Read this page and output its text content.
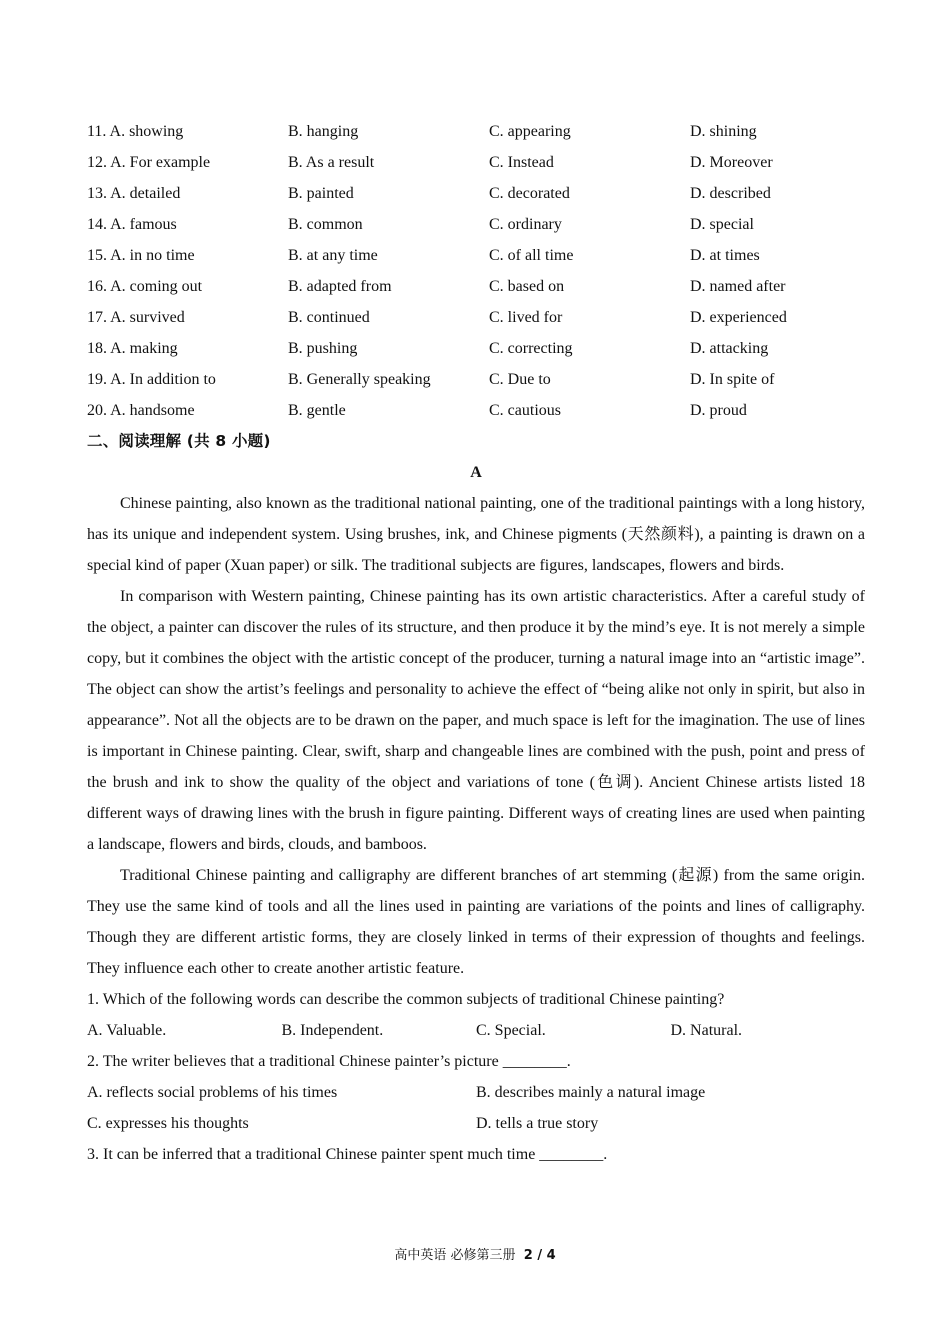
11. A. showing	B. hanging	C. appearing	D. shining
12. A. For example	B. As a result	C. Instead	D. Moreover
13. A. detailed	B. painted	C. decorated	D. described
14. A. famous	B. common	C. ordinary	D. special
15. A. in no time	B. at any time	C. of all time	D. at times
16. A. coming out	B. adapted from	C. based on	D. named after
17. A. survived	B. continued	C. lived for	D. experienced
18. A. making	B. pushing	C. correcting	D. attacking
19. A. In addition to	B. Generally speaking	C. Due to	D. In spite of
20. A. handsome	B. gentle	C. cautious	D. proud
二、阅读理解 (共 8 小题)
A

Chinese painting, also known as the traditional national painting, one of the traditional paintings with a long history, has its unique and independent system. Using brushes, ink, and Chinese pigments (天然颜料), a painting is drawn on a special kind of paper (Xuan paper) or silk. The traditional subjects are figures, landscapes, flowers and birds.

In comparison with Western painting, Chinese painting has its own artistic characteristics. After a careful study of the object, a painter can discover the rules of its structure, and then produce it by the mind’s eye. It is not merely a simple copy, but it combines the object with the artistic concept of the producer, turning a natural image into an “artistic image”. The object can show the artist’s feelings and personality to achieve the effect of “being alike not only in spirit, but also in appearance”. Not all the objects are to be drawn on the paper, and much space is left for the imagination. The use of lines is important in Chinese painting. Clear, swift, sharp and changeable lines are combined with the push, point and press of the brush and ink to show the quality of the object and variations of tone (色调). Ancient Chinese artists listed 18 different ways of drawing lines with the brush in figure painting. Different ways of creating lines are used when painting a landscape, flowers and birds, clouds, and bamboos.

Traditional Chinese painting and calligraphy are different branches of art stemming (起源) from the same origin. They use the same kind of tools and all the lines used in painting are variations of the points and lines of calligraphy. Though they are different artistic forms, they are closely linked in terms of their expression of thoughts and feelings. They influence each other to create another artistic feature.

1. Which of the following words can describe the common subjects of traditional Chinese painting?

A. Valuable.	B. Independent.	C. Special.	D. Natural.

2. The writer believes that a traditional Chinese painter’s picture ________.

A. reflects social problems of his times	B. describes mainly a natural image
C. expresses his thoughts	D. tells a true story

3. It can be inferred that a traditional Chinese painter spent much time ________.

高中英语 必修第三册 2 / 4
